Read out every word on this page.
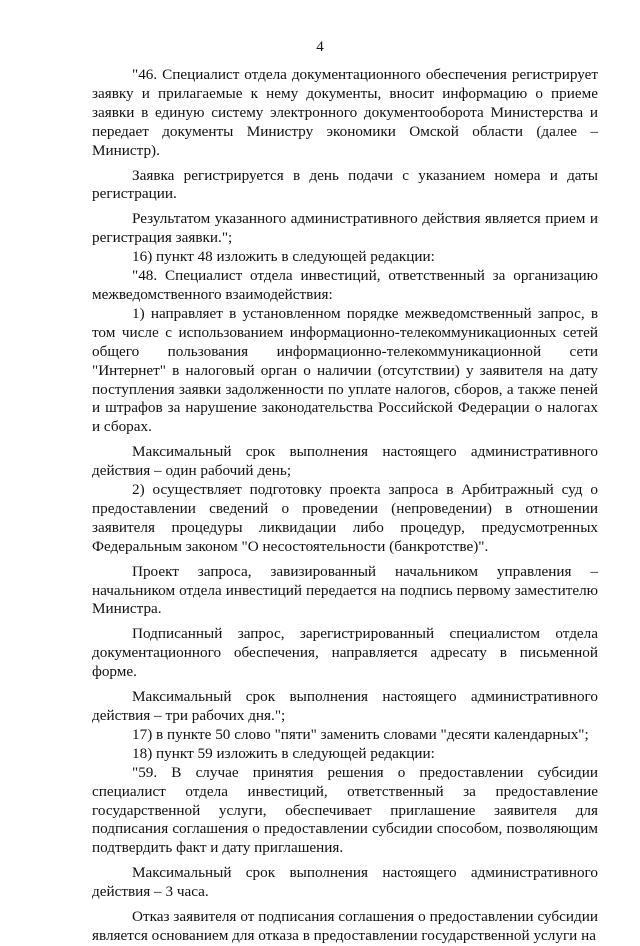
4

"46. Специалист отдела документационного обеспечения регистрирует заявку и прилагаемые к нему документы, вносит информацию о приеме заявки в единую систему электронного документооборота Министерства и передает документы Министру экономики Омской области (далее – Министр).

Заявка регистрируется в день подачи с указанием номера и даты регистрации.

Результатом указанного административного действия является прием и регистрация заявки.";

16) пункт 48 изложить в следующей редакции:

"48. Специалист отдела инвестиций, ответственный за организацию межведомственного взаимодействия:

1) направляет в установленном порядке межведомственный запрос, в том числе с использованием информационно-телекоммуникационных сетей общего пользования информационно-телекоммуникационной сети "Интернет" в налоговый орган о наличии (отсутствии) у заявителя на дату поступления заявки задолженности по уплате налогов, сборов, а также пеней и штрафов за нарушение законодательства Российской Федерации о налогах и сборах.

Максимальный срок выполнения настоящего административного действия – один рабочий день;

2) осуществляет подготовку проекта запроса в Арбитражный суд о предоставлении сведений о проведении (непроведении) в отношении заявителя процедуры ликвидации либо процедур, предусмотренных Федеральным законом "О несостоятельности (банкротстве)".

Проект запроса, завизированный начальником управления – начальником отдела инвестиций передается на подпись первому заместителю Министра.

Подписанный запрос, зарегистрированный специалистом отдела документационного обеспечения, направляется адресату в письменной форме.

Максимальный срок выполнения настоящего административного действия – три рабочих дня.";

17) в пункте 50 слово "пяти" заменить словами "десяти календарных";

18) пункт 59 изложить в следующей редакции:

"59. В случае принятия решения о предоставлении субсидии специалист отдела инвестиций, ответственный за предоставление государственной услуги, обеспечивает приглашение заявителя для подписания соглашения о предоставлении субсидии способом, позволяющим подтвердить факт и дату приглашения.

Максимальный срок выполнения настоящего административного действия – 3 часа.

Отказ заявителя от подписания соглашения о предоставлении субсидии является основанием для отказа в предоставлении государственной услуги на
